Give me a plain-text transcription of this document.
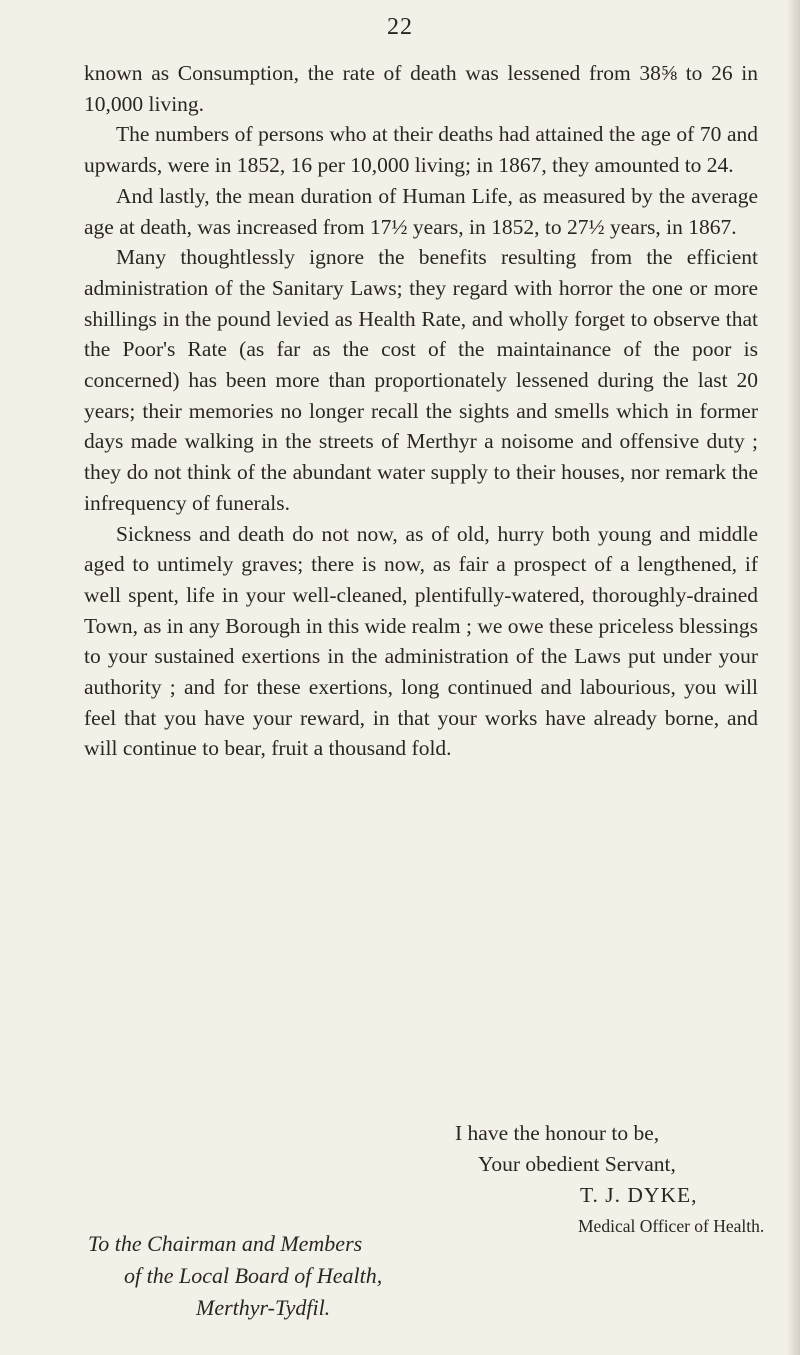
22

known as Consumption, the rate of death was lessened from 38⅝ to 26 in 10,000 living.

The numbers of persons who at their deaths had attained the age of 70 and upwards, were in 1852, 16 per 10,000 living; in 1867, they amounted to 24.

And lastly, the mean duration of Human Life, as measured by the average age at death, was increased from 17½ years, in 1852, to 27½ years, in 1867.

Many thoughtlessly ignore the benefits resulting from the efficient administration of the Sanitary Laws; they regard with horror the one or more shillings in the pound levied as Health Rate, and wholly forget to observe that the Poor's Rate (as far as the cost of the maintainance of the poor is concerned) has been more than proportionately lessened during the last 20 years; their memories no longer recall the sights and smells which in former days made walking in the streets of Merthyr a noisome and offensive duty ; they do not think of the abundant water supply to their houses, nor remark the infrequency of funerals.

Sickness and death do not now, as of old, hurry both young and middle aged to untimely graves; there is now, as fair a prospect of a lengthened, if well spent, life in your well-cleaned, plentifully-watered, thoroughly-drained Town, as in any Borough in this wide realm ; we owe these priceless blessings to your sustained exertions in the administration of the Laws put under your authority ; and for these exertions, long continued and labourious, you will feel that you have your reward, in that your works have already borne, and will continue to bear, fruit a thousand fold.

I have the honour to be,
Your obedient Servant,
T. J. DYKE,
Medical Officer of Health.
To the Chairman and Members
of the Local Board of Health,
Merthyr-Tydfil.
